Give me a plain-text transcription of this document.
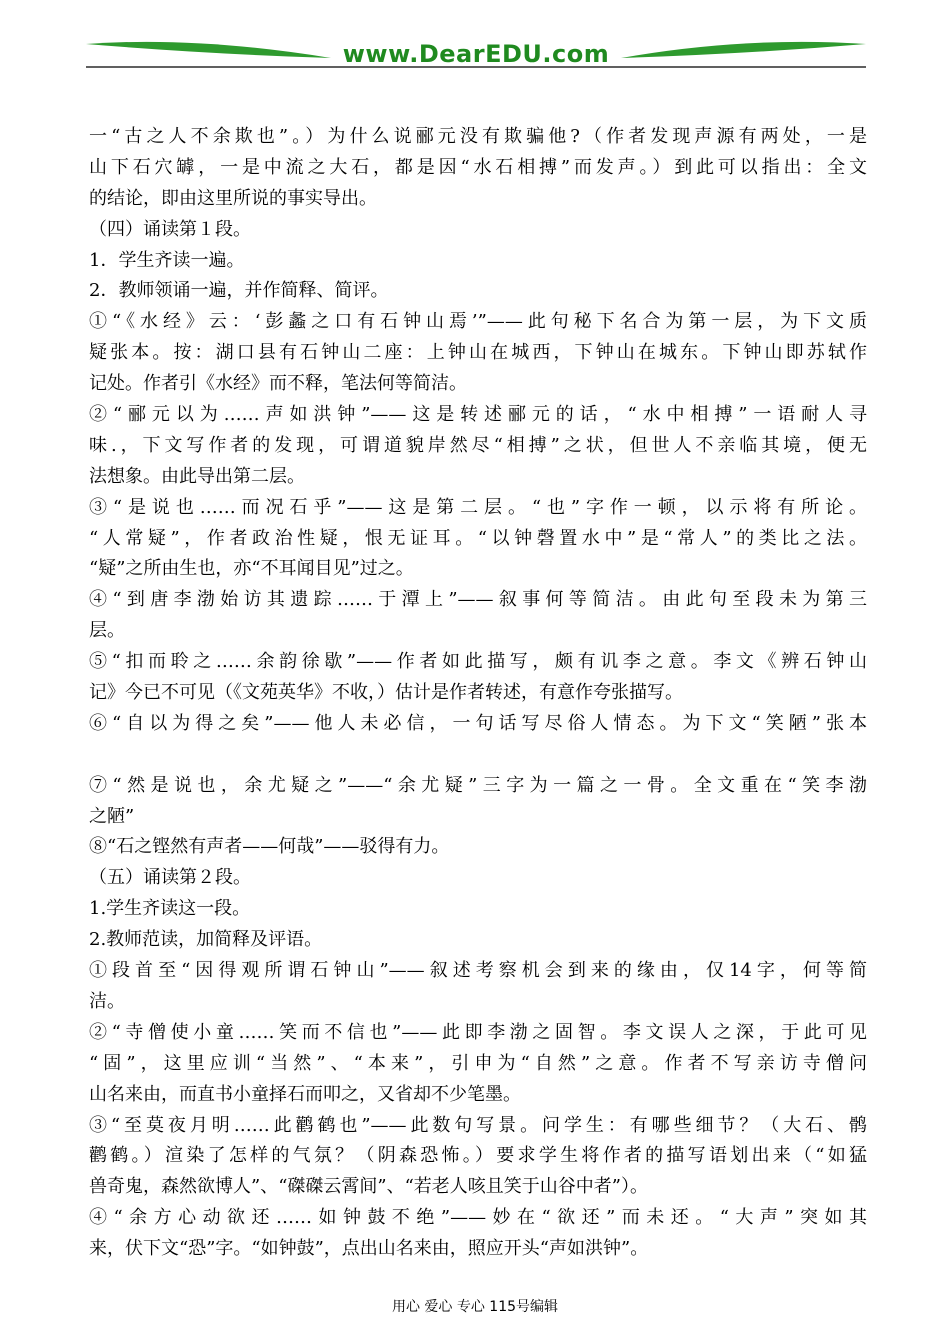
www.DearEDU.com
一“古之人不余欺也”。）为什么说郦元没有欺骗他?（作者发现声源有两处，一是
山下石穴罅，一是中流之大石，都是因“水石相搏”而发声。）到此可以指出：全文
的结论，即由这里所说的事实导出。
（四）诵读第１段。
1．学生齐读一遍。
2．教师领诵一遍，并作简释、简评。
①“《水经》云：‘彭蠡之口有石钟山焉’”——此句秘下名合为第一层，为下文质
疑张本。按：湖口县有石钟山二座：上钟山在城西，下钟山在城东。下钟山即苏轼作
记处。作者引《水经》而不释，笔法何等简洁。
②“郦元以为……声如洪钟”——这是转述郦元的话，“水中相搏”一语耐人寻
味.，下文写作者的发现，可谓道貌岸然尽“相搏”之状，但世人不亲临其境，便无
法想象。由此导出第二层。
③“是说也……而况石乎”——这是第二层。“也”字作一顿，以示将有所论。
“人常疑”，作者政治性疑，恨无证耳。“以钟磬置水中”是“常人”的类比之法。
“疑”之所由生也，亦“不耳闻目见”过之。
④“到唐李渤始访其遗踪……于潭上”——叙事何等简洁。由此句至段未为第三
层。
⑤“扣而聆之……余韵徐歇”——作者如此描写，颇有讥李之意。李文《辨石钟山
记》今已不可见（《文苑英华》不收，）估计是作者转述，有意作夸张描写。
⑥“自以为得之矣”——他人未必信，一句话写尽俗人情态。为下文“笑陋”张本
⑦“然是说也，余尤疑之”——“余尤疑”三字为一篇之一骨。全文重在“笑李渤
之陋”
⑧“石之铿然有声者——何哉”——驳得有力。
（五）诵读第２段。
1.学生齐读这一段。
2.教师范读，加简释及评语。
①段首至“因得观所谓石钟山”——叙述考察机会到来的缘由，仅14字，何等简
洁。
②“寺僧使小童……笑而不信也”——此即李渤之固智。李文误人之深，于此可见
“固”，这里应训“当然”、“本来”，引申为“自然”之意。作者不写亲访寺僧问
山名来由，而直书小童择石而叩之，又省却不少笔墨。
③“至莫夜月明……此鹳鹤也”——此数句写景。问学生：有哪些细节？（大石、鹘
鹳鹤。）渲染了怎样的气氛？（阴森恐怖。）要求学生将作者的描写语划出来（“如猛
兽奇鬼，森然欲博人”、“磔磔云霄间”、“若老人咳且笑于山谷中者”）。
④“余方心动欲还……如钟鼓不绝”——妙在“欲还”而未还。“大声”突如其
来，伏下文“恐”字。“如钟鼓”，点出山名来由，照应开头“声如洪钟”。
用心 爱心 专心 115号编辑
